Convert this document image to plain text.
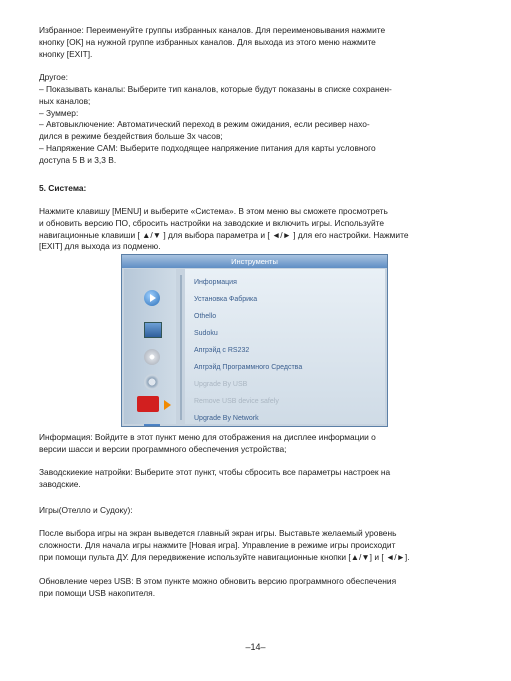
Избранное: Переименуйте группы избранных каналов. Для переименовывания нажмите

кнопку [OK] на нужной группе избранных каналов. Для выхода из этого меню нажмите

кнопку [EXIT].

Другое:

– Показывать каналы: Выберите тип каналов, которые будут показаны в списке сохранен-

ных каналов;

– Зуммер:

– Автовыключение: Автоматический переход в режим ожидания, если ресивер нахо-

дился в режиме бездействия больше 3х часов;

– Напряжение CAM: Выберите подходящее напряжение питания для карты условного

доступа 5 В и 3,3 В.

5. Система:

Нажмите клавишу [MENU] и выберите «Система». В этом меню вы сможете просмотреть

и обновить версию ПО, сбросить настройки на заводские и включить игры. Используйте

навигационные клавиши [ ▲/▼ ] для выбора параметра и [ ◄/► ] для его настройки. Нажмите

[EXIT] для выхода из подменю.

Инструменты
Информация
Установка Фабрика
Othello
Sudoku
Апгрэйд с RS232
Апгрэйд Программного Средства
Upgrade By USB
Remove USB device safely
Upgrade By Network

Информация: Войдите в этот пункт меню для отображения на дисплее информации о

версии шасси и версии программного обеспечения устройства;

Заводскиекие натройки: Выберите этот пункт, чтобы сбросить все параметры настроек на

заводские.

Игры(Отелло и Судоку):

После выбора игры на экран выведется главный экран игры. Выставьте желаемый уровень

сложности. Для начала игры нажмите [Новая игра]. Управление в режиме игры происходит

при помощи пульта ДУ. Для передвижение используйте навигационные кнопки [▲/▼] и [ ◄/►].

Обновление через USB: В этом пункте можно обновить версию программного обеспечения

при помощи USB накопителя.

–14–
